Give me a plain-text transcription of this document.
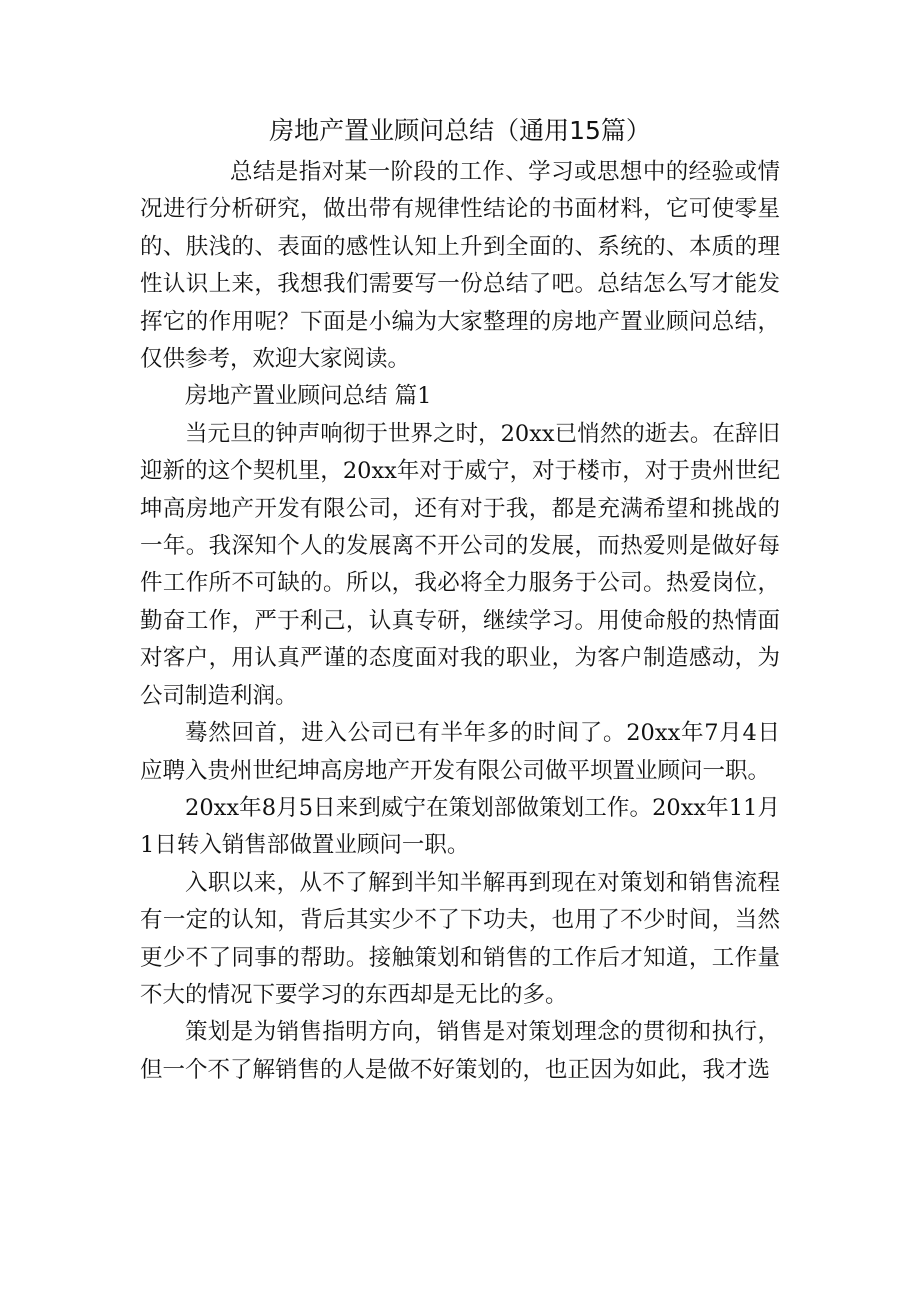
房地产置业顾问总结（通用15篇）

总结是指对某一阶段的工作、学习或思想中的经验或情况进行分析研究，做出带有规律性结论的书面材料，它可使零星的、肤浅的、表面的感性认知上升到全面的、系统的、本质的理性认识上来，我想我们需要写一份总结了吧。总结怎么写才能发挥它的作用呢？下面是小编为大家整理的房地产置业顾问总结，仅供参考，欢迎大家阅读。

房地产置业顾问总结 篇1

当元旦的钟声响彻于世界之时，20xx已悄然的逝去。在辞旧迎新的这个契机里，20xx年对于威宁，对于楼市，对于贵州世纪坤高房地产开发有限公司，还有对于我，都是充满希望和挑战的一年。我深知个人的发展离不开公司的发展，而热爱则是做好每件工作所不可缺的。所以，我必将全力服务于公司。热爱岗位，勤奋工作，严于利己，认真专研，继续学习。用使命般的热情面对客户，用认真严谨的态度面对我的职业，为客户制造感动，为公司制造利润。

蓦然回首，进入公司已有半年多的时间了。20xx年7月4日应聘入贵州世纪坤高房地产开发有限公司做平坝置业顾问一职。

20xx年8月5日来到威宁在策划部做策划工作。20xx年11月1日转入销售部做置业顾问一职。

入职以来，从不了解到半知半解再到现在对策划和销售流程有一定的认知，背后其实少不了下功夫，也用了不少时间，当然更少不了同事的帮助。接触策划和销售的工作后才知道，工作量不大的情况下要学习的东西却是无比的多。

策划是为销售指明方向，销售是对策划理念的贯彻和执行，但一个不了解销售的人是做不好策划的，也正因为如此，我才选
